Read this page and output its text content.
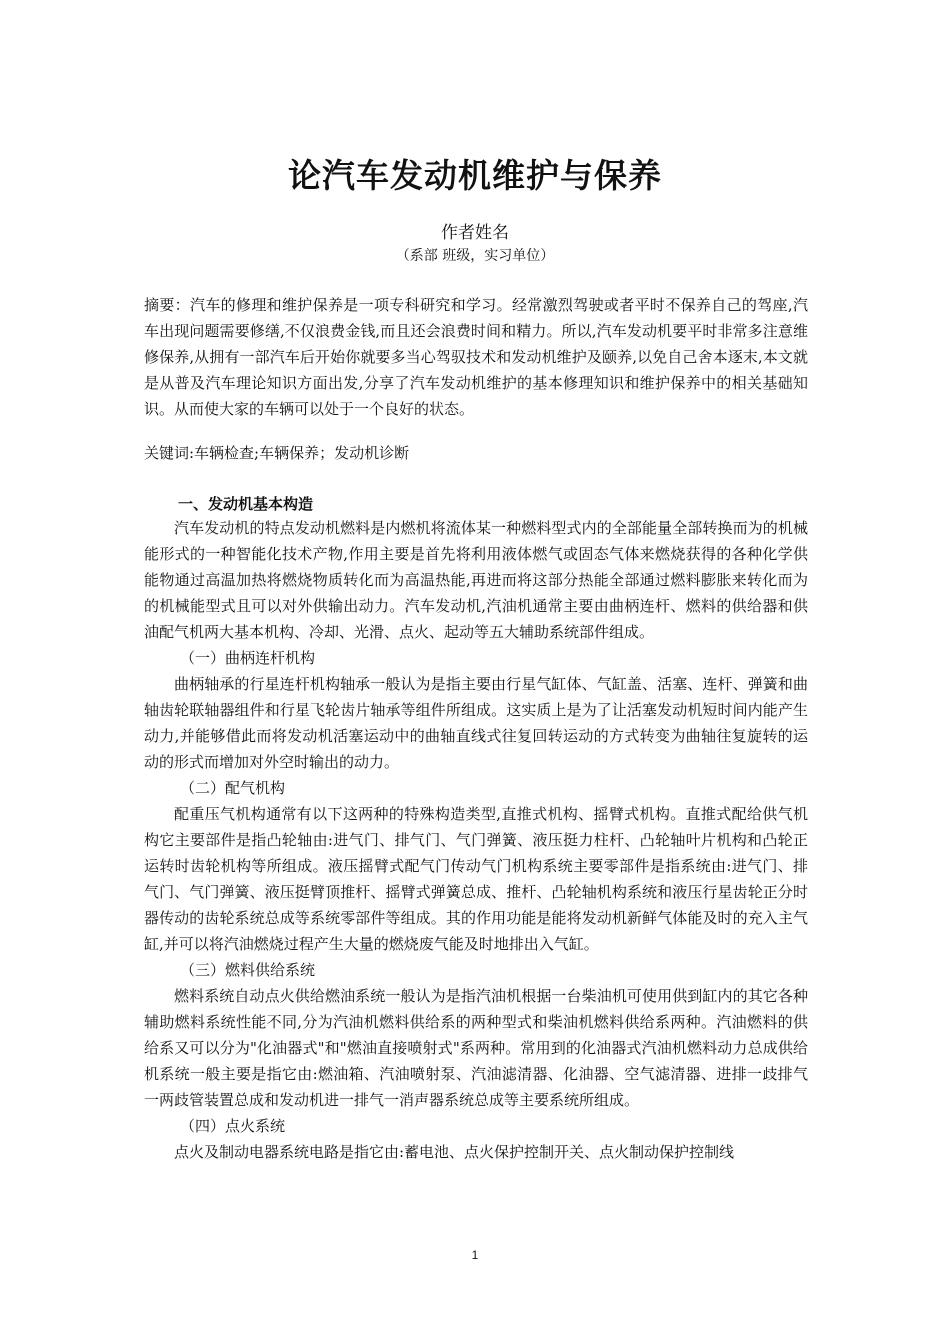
论汽车发动机维护与保养
作者姓名
（系部 班级，实习单位）
摘要：汽车的修理和维护保养是一项专科研究和学习。经常激烈驾驶或者平时不保养自己的驾座,汽车出现问题需要修缮,不仅浪费金钱,而且还会浪费时间和精力。所以,汽车发动机要平时非常多注意维修保养,从拥有一部汽车后开始你就要多当心驾驭技术和发动机维护及颐养,以免自己舍本逐末,本文就是从普及汽车理论知识方面出发,分享了汽车发动机维护的基本修理知识和维护保养中的相关基础知识。从而使大家的车辆可以处于一个良好的状态。
关键词:车辆检查;车辆保养；发动机诊断
一、发动机基本构造

汽车发动机的特点发动机燃料是内燃机将流体某一种燃料型式内的全部能量全部转换而为的机械能形式的一种智能化技术产物,作用主要是首先将利用液体燃气或固态气体来燃烧获得的各种化学供能物通过高温加热将燃烧物质转化而为高温热能,再进而将这部分热能全部通过燃料膨胀来转化而为的机械能型式且可以对外供输出动力。汽车发动机,汽油机通常主要由曲柄连杆、燃料的供给器和供油配气机两大基本机构、冷却、光滑、点火、起动等五大辅助系统部件组成。

（一）曲柄连杆机构

曲柄轴承的行星连杆机构轴承一般认为是指主要由行星气缸体、气缸盖、活塞、连杆、弹簧和曲轴齿轮联轴器组件和行星飞轮齿片轴承等组件所组成。这实质上是为了让活塞发动机短时间内能产生动力,并能够借此而将发动机活塞运动中的曲轴直线式往复回转运动的方式转变为曲轴往复旋转的运动的形式而增加对外空时输出的动力。

（二）配气机构

配重压气机构通常有以下这两种的特殊构造类型,直推式机构、摇臂式机构。直推式配给供气机构它主要部件是指凸轮轴由:进气门、排气门、气门弹簧、液压挺力柱杆、凸轮轴叶片机构和凸轮正运转时齿轮机构等所组成。液压摇臂式配气门传动气门机构系统主要零部件是指系统由:进气门、排气门、气门弹簧、液压挺臂顶推杆、摇臂式弹簧总成、推杆、凸轮轴机构系统和液压行星齿轮正分时器传动的齿轮系统总成等系统零部件等组成。其的作用功能是能将发动机新鲜气体能及时的充入主气缸,并可以将汽油燃烧过程产生大量的燃烧废气能及时地排出入气缸。

（三）燃料供给系统

燃料系统自动点火供给燃油系统一般认为是指汽油机根据一台柴油机可使用供到缸内的其它各种辅助燃料系统性能不同,分为汽油机燃料供给系的两种型式和柴油机燃料供给系两种。汽油燃料的供给系又可以分为"化油器式"和"燃油直接喷射式"系两种。常用到的化油器式汽油机燃料动力总成供给机系统一般主要是指它由:燃油箱、汽油喷射泵、汽油滤清器、化油器、空气滤清器、进排一歧排气一两歧管装置总成和发动机进一排气一消声器系统总成等主要系统所组成。

（四）点火系统

点火及制动电器系统电路是指它由:蓄电池、点火保护控制开关、点火制动保护控制线

1
